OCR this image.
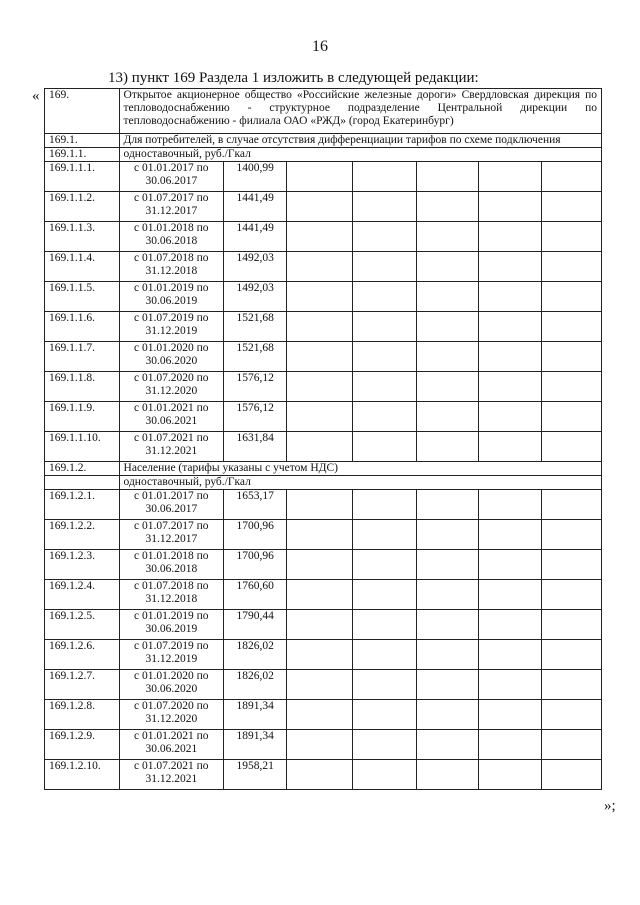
16
13) пункт 169 Раздела 1 изложить в следующей редакции:
« 169.	Открытое акционерное общество «Российские железные дороги» Свердловская дирекция по тепловодоснабжению - структурное подразделение Центральной дирекции по тепловодоснабжению - филиала ОАО «РЖД» (город Екатеринбург)						
169.1.	Для потребителей, в случае отсутствия дифференциации тарифов по схеме подключения						
169.1.1.	одноставочный, руб./Гкал						
169.1.1.1.	с 01.01.2017 по 30.06.2017	1400,99					
169.1.1.2.	с 01.07.2017 по 31.12.2017	1441,49					
169.1.1.3.	с 01.01.2018 по 30.06.2018	1441,49					
169.1.1.4.	с 01.07.2018 по 31.12.2018	1492,03					
169.1.1.5.	с 01.01.2019 по 30.06.2019	1492,03					
169.1.1.6.	с 01.07.2019 по 31.12.2019	1521,68					
169.1.1.7.	с 01.01.2020 по 30.06.2020	1521,68					
169.1.1.8.	с 01.07.2020 по 31.12.2020	1576,12					
169.1.1.9.	с 01.01.2021 по 30.06.2021	1576,12					
169.1.1.10.	с 01.07.2021 по 31.12.2021	1631,84					
169.1.2.	Население (тарифы указаны с учетом НДС)						
	одноставочный, руб./Гкал						
169.1.2.1.	с 01.01.2017 по 30.06.2017	1653,17					
169.1.2.2.	с 01.07.2017 по 31.12.2017	1700,96					
169.1.2.3.	с 01.01.2018 по 30.06.2018	1700,96					
169.1.2.4.	с 01.07.2018 по 31.12.2018	1760,60					
169.1.2.5.	с 01.01.2019 по 30.06.2019	1790,44					
169.1.2.6.	с 01.07.2019 по 31.12.2019	1826,02					
169.1.2.7.	с 01.01.2020 по 30.06.2020	1826,02					
169.1.2.8.	с 01.07.2020 по 31.12.2020	1891,34					
169.1.2.9.	с 01.01.2021 по 30.06.2021	1891,34					
169.1.2.10.	с 01.07.2021 по 31.12.2021	1958,21					
»;
